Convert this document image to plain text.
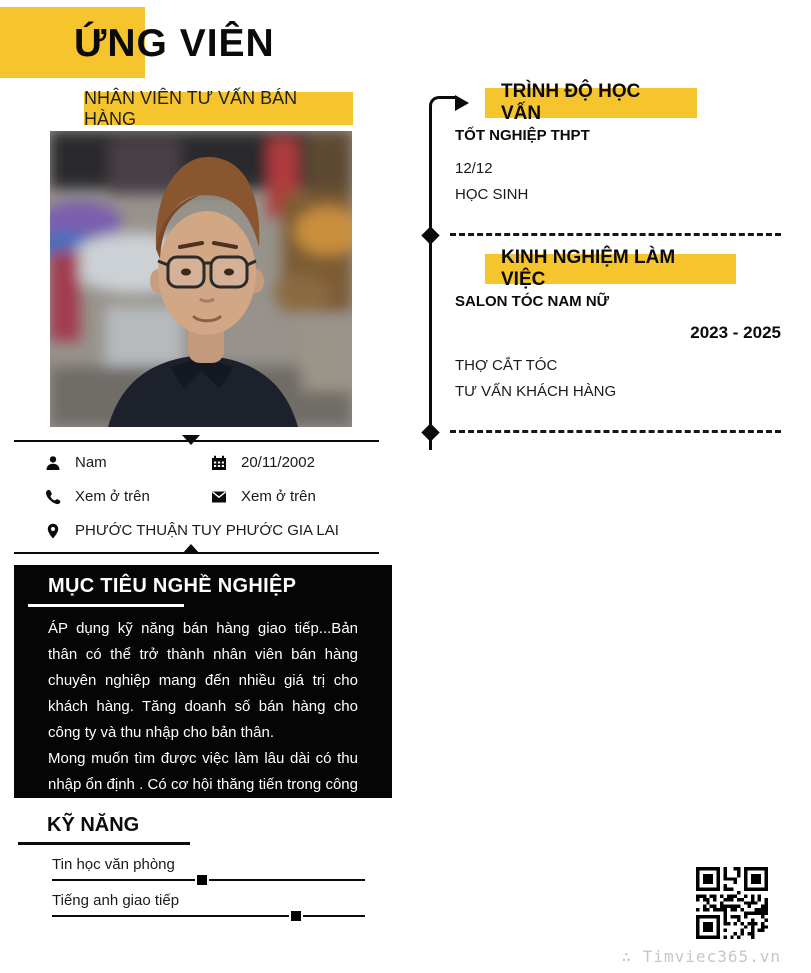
ỨNG VIÊN
NHÂN VIÊN TƯ VẤN BÁN HÀNG
Nam	20/11/2002
Xem ở trên	Xem ở trên
PHƯỚC THUẬN TUY PHƯỚC GIA LAI
MỤC TIÊU NGHỀ NGHIỆP
ÁP dụng kỹ năng bán hàng giao tiếp...Bản thân có thể trở thành nhân viên bán hàng chuyên nghiệp mang đến nhiều giá trị cho khách hàng. Tăng doanh số bán hàng cho công ty và thu nhập cho bản thân.
Mong muốn tìm được việc làm lâu dài có thu nhập ổn định . Có cơ hội thăng tiến trong công việc.
KỸ NĂNG
Tin học văn phòng
Tiếng anh giao tiếp
TRÌNH ĐỘ HỌC VẤN
TỐT NGHIỆP THPT
12/12
HỌC SINH
KINH NGHIỆM LÀM VIỆC
SALON TÓC NAM NỮ
2023 - 2025
THỢ CẮT TÓC
TƯ VẤN KHÁCH HÀNG
∴ Timviec365.vn
